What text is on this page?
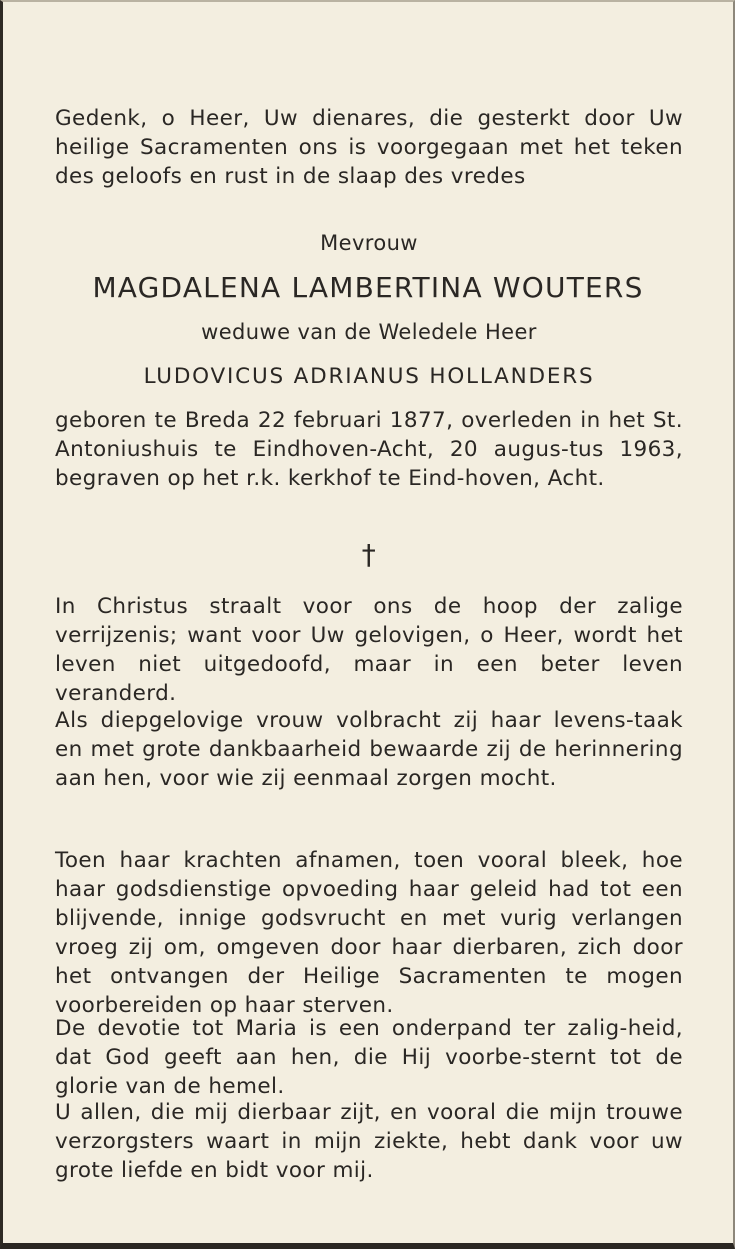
Gedenk, o Heer, Uw dienares, die gesterkt door Uw heilige Sacramenten ons is voorgegaan met het teken des geloofs en rust in de slaap des vredes
Mevrouw
MAGDALENA LAMBERTINA WOUTERS
weduwe van de Weledele Heer
LUDOVICUS ADRIANUS HOLLANDERS
geboren te Breda 22 februari 1877, overleden in het St. Antoniushuis te Eindhoven-Acht, 20 augus-tus 1963, begraven op het r.k. kerkhof te Eind-hoven, Acht.
†
In Christus straalt voor ons de hoop der zalige verrijzenis; want voor Uw gelovigen, o Heer, wordt het leven niet uitgedoofd, maar in een beter leven veranderd.
Als diepgelovige vrouw volbracht zij haar levens-taak en met grote dankbaarheid bewaarde zij de herinnering aan hen, voor wie zij eenmaal zorgen mocht.
Toen haar krachten afnamen, toen vooral bleek, hoe haar godsdienstige opvoeding haar geleid had tot een blijvende, innige godsvrucht en met vurig verlangen vroeg zij om, omgeven door haar dierbaren, zich door het ontvangen der Heilige Sacramenten te mogen voorbereiden op haar sterven.
De devotie tot Maria is een onderpand ter zalig-heid, dat God geeft aan hen, die Hij voorbe-sternt tot de glorie van de hemel.
U allen, die mij dierbaar zijt, en vooral die mijn trouwe verzorgsters waart in mijn ziekte, hebt dank voor uw grote liefde en bidt voor mij.
